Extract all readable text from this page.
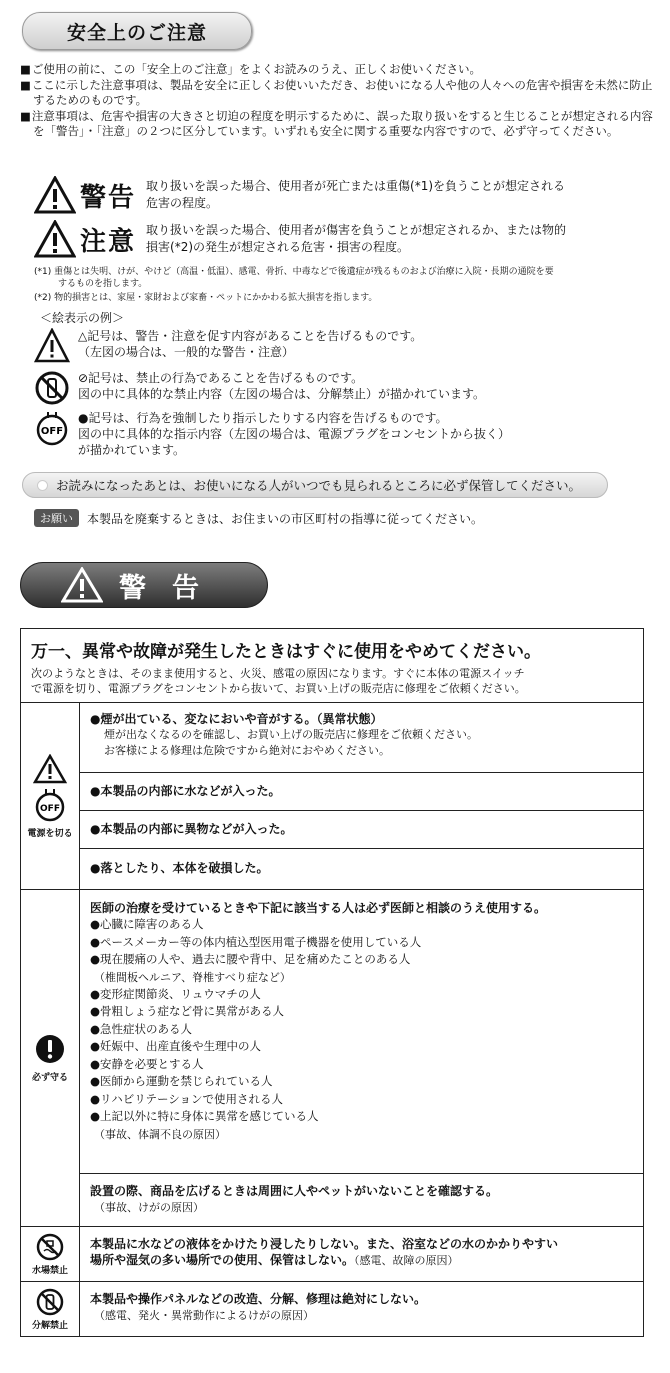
安全上のご注意

■ ご使用の前に、この「安全上のご注意」をよくお読みのうえ、正しくお使いください。

■ ここに示した注意事項は、製品を安全に正しくお使いいただき、お使いになる人や他の人々への危害や損害を未然に防止するためのものです。

■ 注意事項は、危害や損害の大きさと切迫の程度を明示するために、誤った取り扱いをすると生じることが想定される内容を「警告」・「注意」の２つに区分しています。いずれも安全に関する重要な内容ですので、必ず守ってください。

警告 取り扱いを誤った場合、使用者が死亡または重傷(*1)を負うことが想定される危害の程度。
注意 取り扱いを誤った場合、使用者が傷害を負うことが想定されるか、または物的損害(*2)の発生が想定される危害・損害の程度。
(*1) 重傷とは失明、けが、やけど（高温・低温）、感電、骨折、中毒などで後遺症が残るものおよび治療に入院・長期の通院を要するものを指します。
(*2) 物的損害とは、家屋・家財および家畜・ペットにかかわる拡大損害を指します。
＜絵表示の例＞
△記号は、警告・注意を促す内容があることを告げるものです。
（左図の場合は、一般的な警告・注意）
⊘記号は、禁止の行為であることを告げるものです。
図の中に具体的な禁止内容（左図の場合は、分解禁止）が描かれています。
OFF
●記号は、行為を強制したり指示したりする内容を告げるものです。
図の中に具体的な指示内容（左図の場合は、電源プラグをコンセントから抜く）
が描かれています。
お読みになったあとは、お使いになる人がいつでも見られるところに必ず保管してください。
お願い	本製品を廃棄するときは、お住まいの市区町村の指導に従ってください。
警告
万一、異常や故障が発生したときはすぐに使用をやめてください。
次のようなときは、そのまま使用すると、火災、感電の原因になります。すぐに本体の電源スイッチ
で電源を切り、電源プラグをコンセントから抜いて、お買い上げの販売店に修理をご依頼ください。
OFF
電源を切る
●煙が出ている、変なにおいや音がする。（異常状態）
煙が出なくなるのを確認し、お買い上げの販売店に修理をご依頼ください。
お客様による修理は危険ですから絶対におやめください。
●本製品の内部に水などが入った。
●本製品の内部に異物などが入った。
●落としたり、本体を破損した。
必ず守る
医師の治療を受けているときや下記に該当する人は必ず医師と相談のうえ使用する。
● 心臓に障害のある人
● ペースメーカー等の体内植込型医用電子機器を使用している人
● 現在腰痛の人や、過去に腰や背中、足を痛めたことのある人
（椎間板ヘルニア、脊椎すべり症など）
● 変形症関節炎、リュウマチの人
● 骨粗しょう症など骨に異常がある人
● 急性症状のある人
● 妊娠中、出産直後や生理中の人
● 安静を必要とする人
● 医師から運動を禁じられている人
● リハビリテーションで使用される人
● 上記以外に特に身体に異常を感じている人
（事故、体調不良の原因）
設置の際、商品を広げるときは周囲に人やペットがいないことを確認する。
（事故、けがの原因）
水場禁止
本製品に水などの液体をかけたり浸したりしない。また、浴室などの水のかかりやすい
場所や湿気の多い場所での使用、保管はしない。（感電、故障の原因）
分解禁止
本製品や操作パネルなどの改造、分解、修理は絶対にしない。
（感電、発火・異常動作によるけがの原因）
